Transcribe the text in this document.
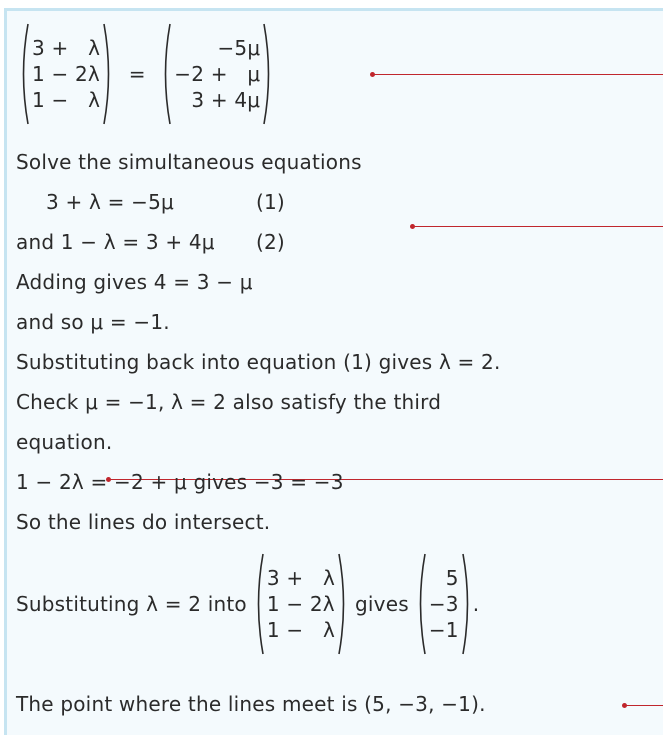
3 +   λ
1 − 2λ
1 −   λ
=
−5μ
−2 +   μ
3 + 4μ
Solve the simultaneous equations
3 + λ = −5μ	(1)
and 1 − λ = 3 + 4μ (2)
Adding gives 4 = 3 − μ
and so μ = −1.
Substituting back into equation (1) gives λ = 2.
Check μ = −1, λ = 2 also satisfy the third
equation.
1 − 2λ = −2 + μ gives −3 = −3
So the lines do intersect.
Substituting λ = 2 into
3 +   λ
1 − 2λ
1 −   λ
gives
5
−3
−1
.
The point where the lines meet is (5, −3, −1).
